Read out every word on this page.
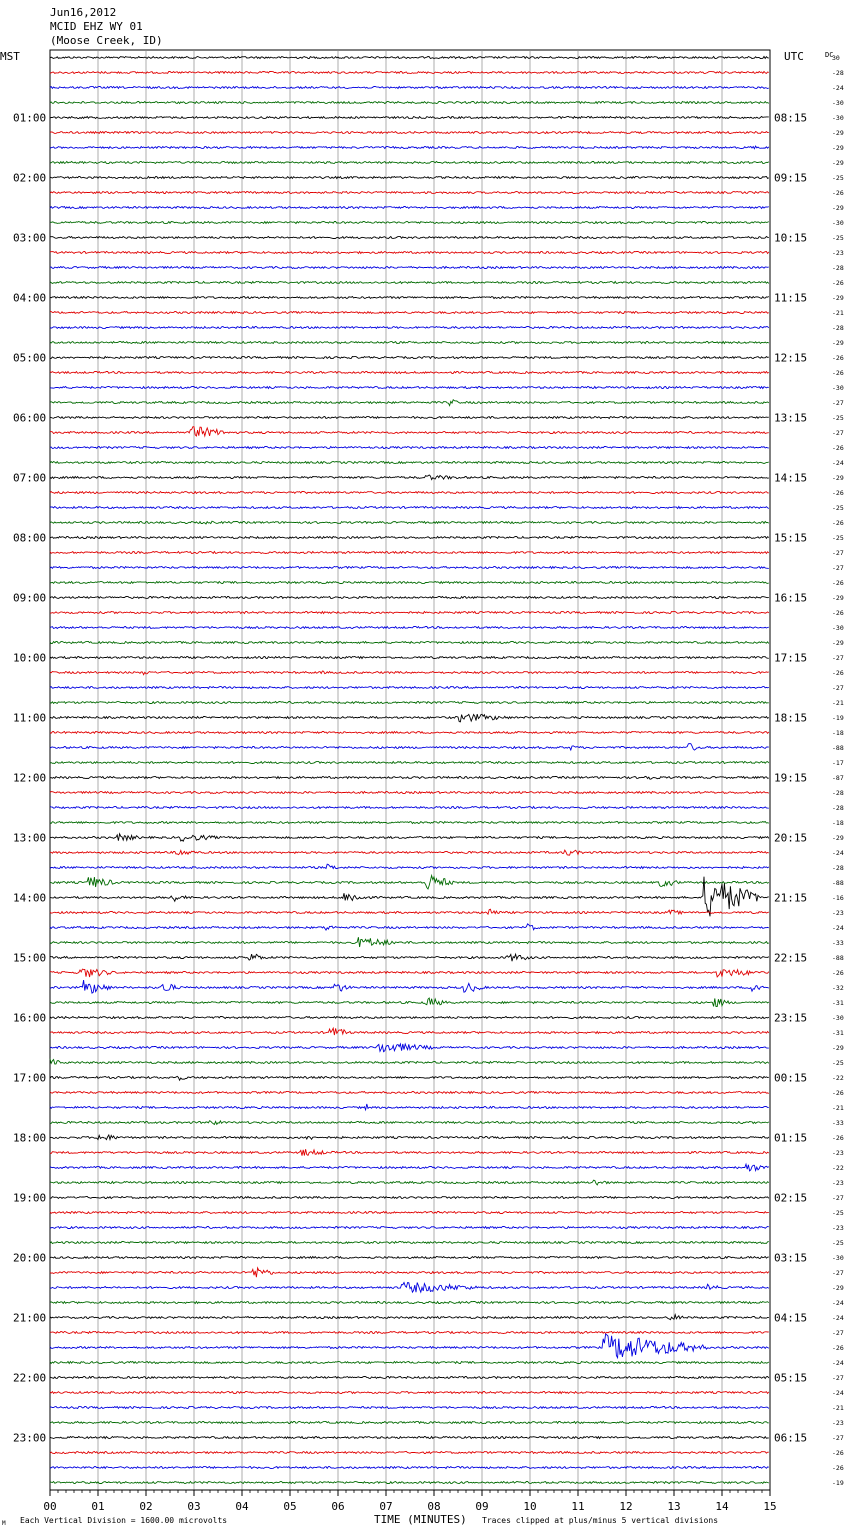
Jun16,2012
MCID EHZ WY 01
(Moose Creek, ID)
MST	UTC	DC
01:00
02:00
03:00
04:00
05:00
06:00
07:00
08:00
09:00
10:00
11:00
12:00
13:00
14:00
15:00
16:00
17:00
18:00
19:00
20:00
21:00
22:00
23:00
08:15
09:15
10:15
11:15
12:15
13:15
14:15
15:15
16:15
17:15
18:15
19:15
20:15
21:15
22:15
23:15
00:15
01:15
02:15
03:15
04:15
05:15
06:15
30
-28
-24
-30
-30
-29
-29
-29
-25
-26
-29
-30
-25
-23
-28
-26
-29
-21
-28
-29
-26
-26
-30
-27
-25
-27
-26
-24
-29
-26
-25
-26
-25
-27
-27
-26
-29
-26
-30
-29
-27
-26
-27
-21
-19
-18
-88
-17
-87
-28
-28
-18
-29
-24
-28
-88
-16
-23
-24
-33
-88
-26
-32
-31
-30
-31
-29
-25
-22
-26
-21
-33
-26
-23
-22
-23
-27
-25
-23
-25
-30
-27
-29
-24
-24
-27
-26
-24
-27
-24
-21
-23
-27
-26
-26
-19
00	01	02	03	04	05	06	07	08	09	10	11	12	13	14	15
M Each Vertical Division = 1600.00 microvolts	TIME (MINUTES) Traces clipped at plus/minus 5 vertical divisions
